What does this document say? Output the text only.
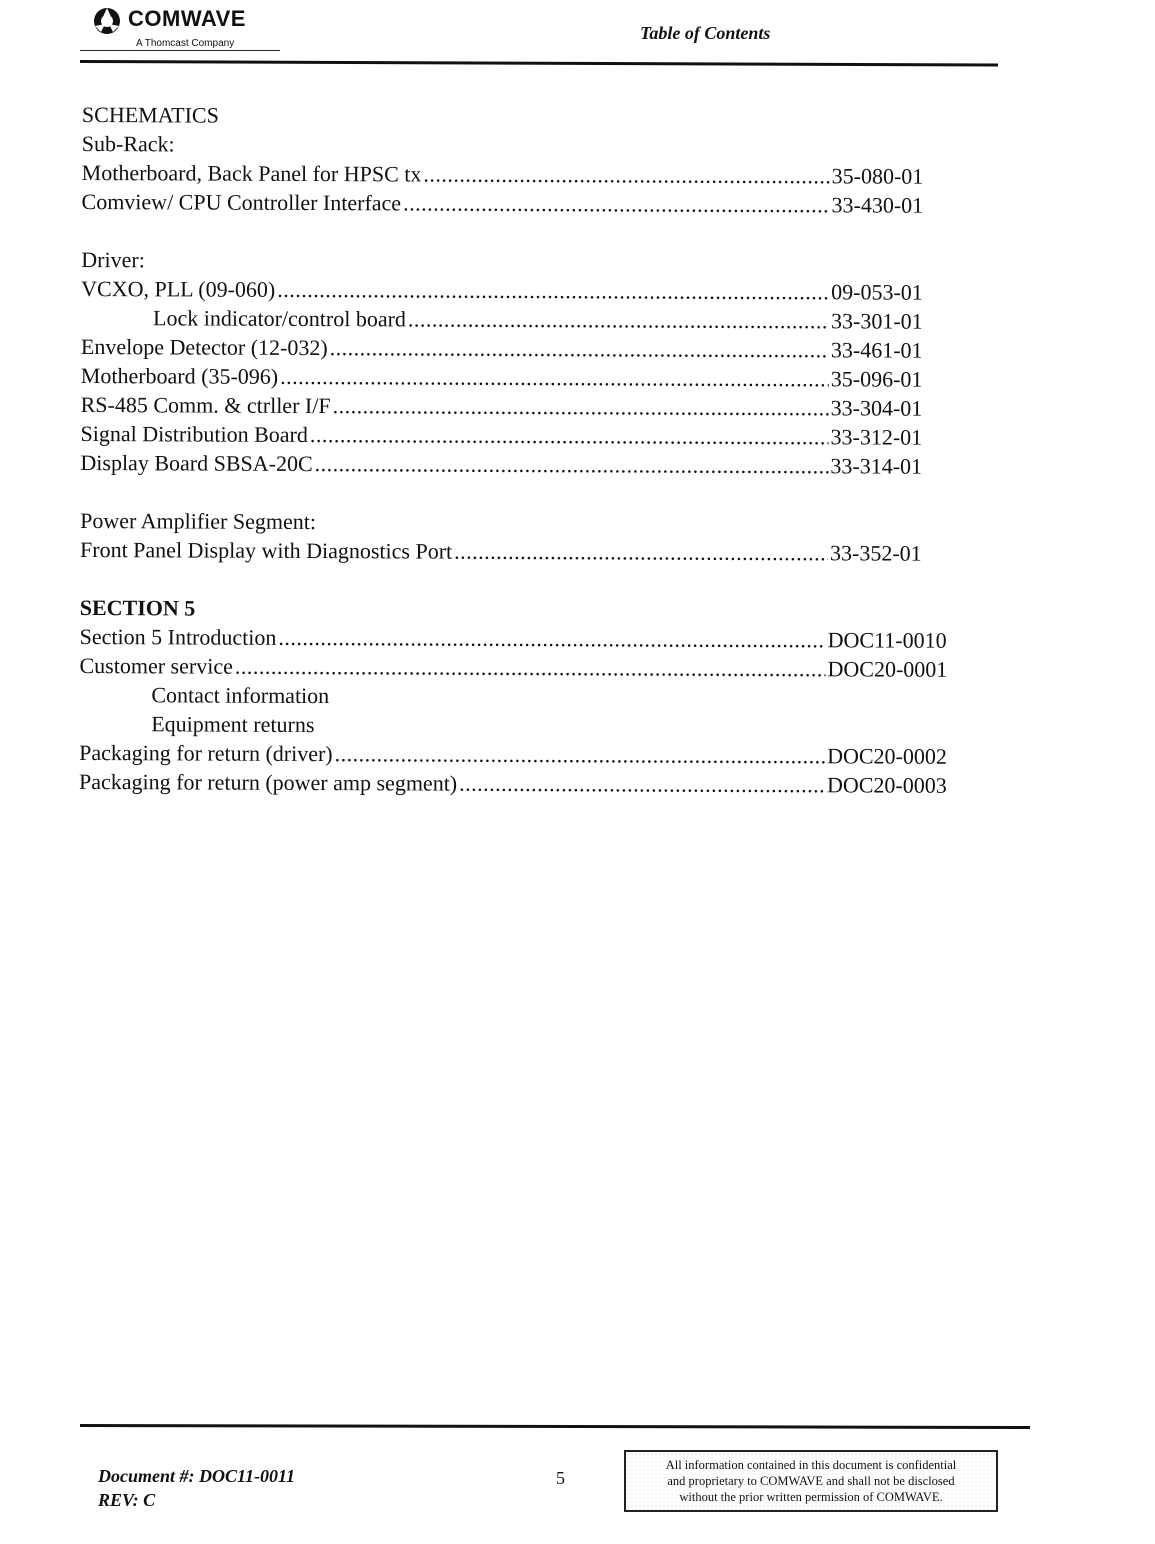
COMWAVE
A Thomcast Company
Table of Contents
SCHEMATICS
Sub-Rack:
Motherboard, Back Panel for HPSC tx .....	35-080-01
Comview/ CPU Controller Interface .....	33-430-01
Driver:
VCXO, PLL (09-060) .....	09-053-01
Lock indicator/control board .....	33-301-01
Envelope Detector (12-032) .....	33-461-01
Motherboard (35-096) .....	35-096-01
RS-485 Comm. & ctrller I/F .....	33-304-01
Signal Distribution Board .....	33-312-01
Display Board SBSA-20C .....	33-314-01
Power Amplifier Segment:
Front Panel Display with Diagnostics Port .....	33-352-01
SECTION 5
Section 5 Introduction .....	DOC11-0010
Customer service .....	DOC20-0001
Contact information
Equipment returns
Packaging for return (driver) .....	DOC20-0002
Packaging for return (power amp segment) .....	DOC20-0003
Document #: DOC11-0011
REV: C
5
All information contained in this document is confidential
and proprietary to COMWAVE and shall not be disclosed
without the prior written permission of COMWAVE.
